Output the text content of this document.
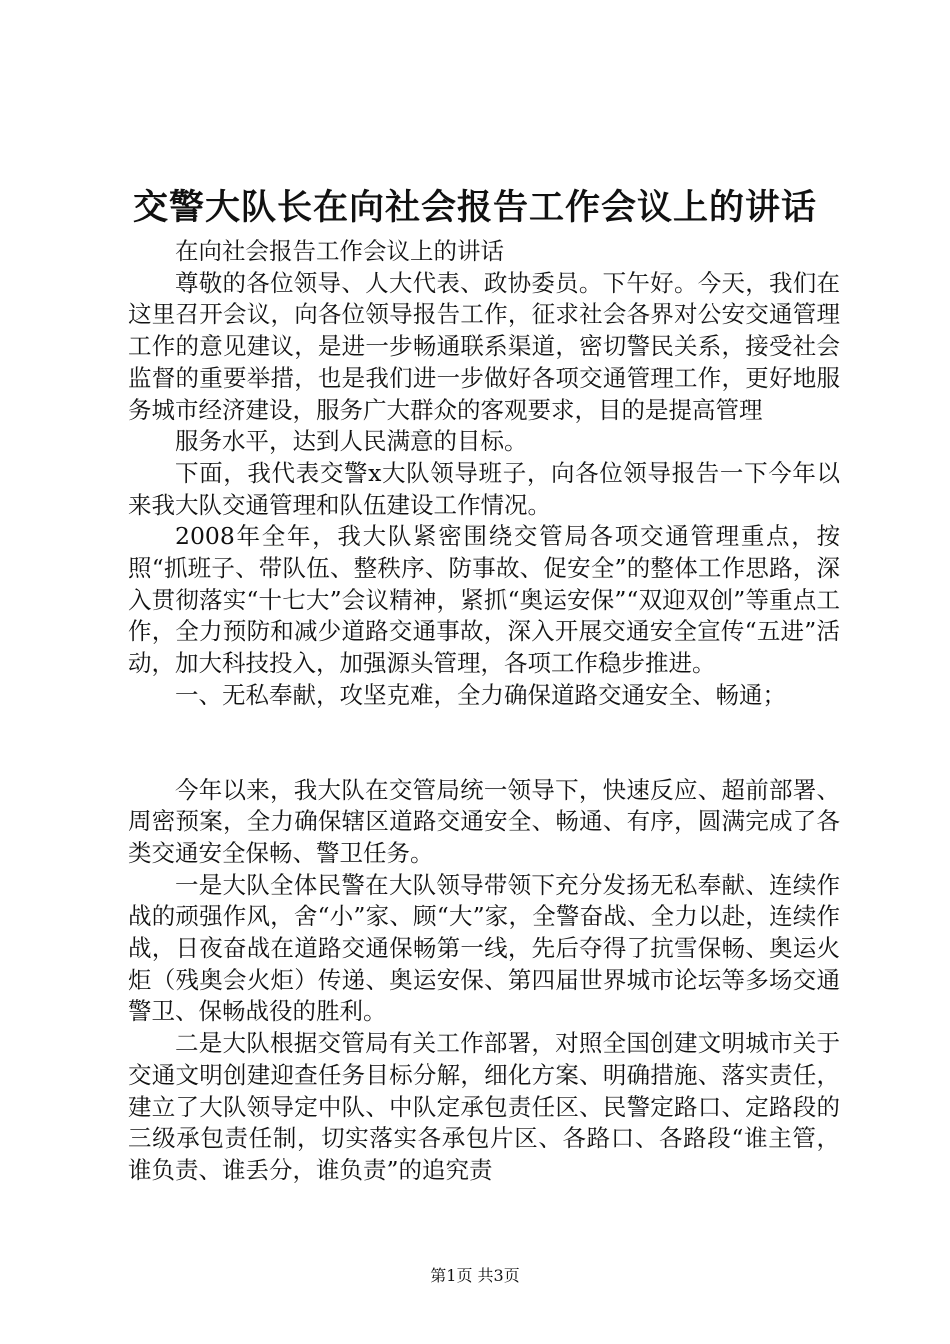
交警大队长在向社会报告工作会议上的讲话

在向社会报告工作会议上的讲话

尊敬的各位领导、人大代表、政协委员。下午好。今天，我们在这里召开会议，向各位领导报告工作，征求社会各界对公安交通管理工作的意见建议，是进一步畅通联系渠道，密切警民关系，接受社会监督的重要举措，也是我们进一步做好各项交通管理工作，更好地服务城市经济建设，服务广大群众的客观要求，目的是提高管理

服务水平，达到人民满意的目标。

下面，我代表交警x大队领导班子，向各位领导报告一下今年以来我大队交通管理和队伍建设工作情况。

2008年全年，我大队紧密围绕交管局各项交通管理重点，按照“抓班子、带队伍、整秩序、防事故、促安全”的整体工作思路，深入贯彻落实“十七大”会议精神，紧抓“奥运安保”“双迎双创”等重点工作，全力预防和减少道路交通事故，深入开展交通安全宣传“五进”活动，加大科技投入，加强源头管理，各项工作稳步推进。

一、无私奉献，攻坚克难，全力确保道路交通安全、畅通；

今年以来，我大队在交管局统一领导下，快速反应、超前部署、周密预案，全力确保辖区道路交通安全、畅通、有序，圆满完成了各类交通安全保畅、警卫任务。

一是大队全体民警在大队领导带领下充分发扬无私奉献、连续作战的顽强作风，舍“小”家、顾“大”家，全警奋战、全力以赴，连续作战，日夜奋战在道路交通保畅第一线，先后夺得了抗雪保畅、奥运火炬（残奥会火炬）传递、奥运安保、第四届世界城市论坛等多场交通警卫、保畅战役的胜利。

二是大队根据交管局有关工作部署，对照全国创建文明城市关于交通文明创建迎查任务目标分解，细化方案、明确措施、落实责任，建立了大队领导定中队、中队定承包责任区、民警定路口、定路段的三级承包责任制，切实落实各承包片区、各路口、各路段“谁主管，谁负责、谁丢分，谁负责”的追究责

第1页 共3页
